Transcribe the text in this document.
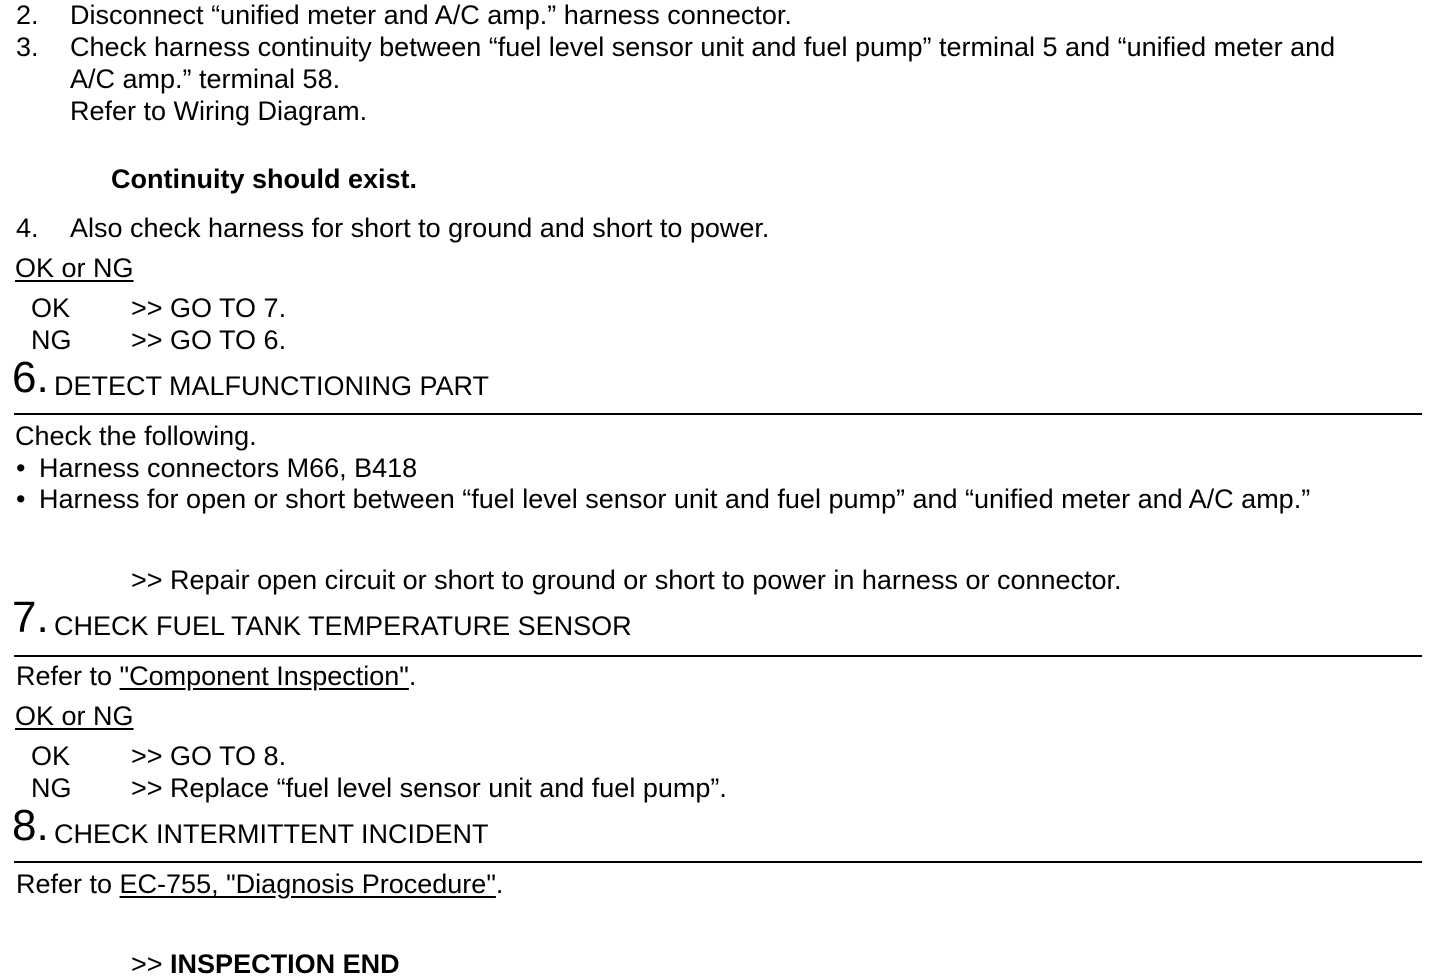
2. Disconnect “unified meter and A/C amp.” harness connector.
3. Check harness continuity between “fuel level sensor unit and fuel pump” terminal 5 and “unified meter and
A/C amp.” terminal 58.
Refer to Wiring Diagram.
Continuity should exist.
4. Also check harness for short to ground and short to power.
OK or NG
OK >> GO TO 7.
NG >> GO TO 6.
6. DETECT MALFUNCTIONING PART
Check the following.
• Harness connectors M66, B418
• Harness for open or short between “fuel level sensor unit and fuel pump” and “unified meter and A/C amp.”
>> Repair open circuit or short to ground or short to power in harness or connector.
7. CHECK FUEL TANK TEMPERATURE SENSOR
Refer to "Component Inspection".
OK or NG
OK >> GO TO 8.
NG >> Replace “fuel level sensor unit and fuel pump”.
8. CHECK INTERMITTENT INCIDENT
Refer to EC-755, "Diagnosis Procedure".
>> INSPECTION END
